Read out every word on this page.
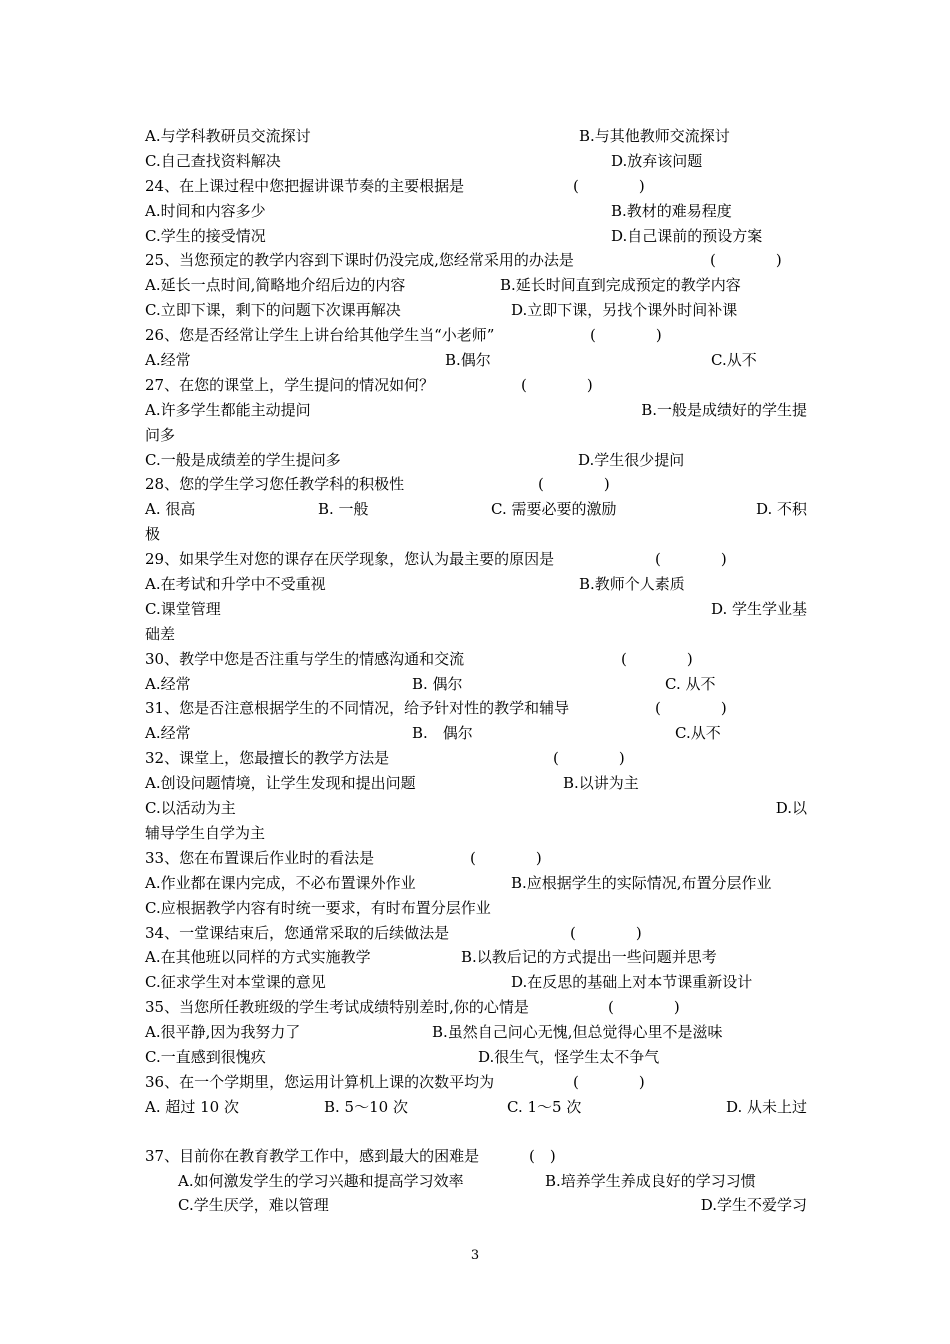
A.与学科教研员交流探讨	B.与其他教师交流探讨
C.自己查找资料解决	D.放弃该问题
24、在上课过程中您把握讲课节奏的主要根据是	(　　　　)
A.时间和内容多少	B.教材的难易程度
C.学生的接受情况	D.自己课前的预设方案
25、当您预定的教学内容到下课时仍没完成,您经常采用的办法是	(　　　　)
A.延长一点时间,简略地介绍后边的内容	B.延长时间直到完成预定的教学内容
C.立即下课，剩下的问题下次课再解决	D.立即下课，另找个课外时间补课
26、您是否经常让学生上讲台给其他学生当“小老师”	(　　　　)
A.经常	B.偶尔	C.从不
27、在您的课堂上，学生提问的情况如何？	(　　　　)
A.许多学生都能主动提问	B.一般是成绩好的学生提
问多
C.一般是成绩差的学生提问多	D.学生很少提问
28、您的学生学习您任教学科的积极性	(　　　　)
A. 很高	B. 一般	C. 需要必要的激励	D. 不积
极
29、如果学生对您的课存在厌学现象，您认为最主要的原因是	(　　　　)
A.在考试和升学中不受重视	B.教师个人素质
C.课堂管理	D. 学生学业基
础差
30、教学中您是否注重与学生的情感沟通和交流	(　　　　)
A.经常	B. 偶尔	C. 从不
31、您是否注意根据学生的不同情况，给予针对性的教学和辅导	(　　　　)
A.经常	B.　偶尔	C.从不
32、课堂上，您最擅长的教学方法是	(　　　　)
A.创设问题情境，让学生发现和提出问题	B.以讲为主
C.以活动为主	D.以
辅导学生自学为主
33、您在布置课后作业时的看法是	(　　　　)
A.作业都在课内完成，不必布置课外作业	B.应根据学生的实际情况,布置分层作业
C.应根据教学内容有时统一要求，有时布置分层作业
34、一堂课结束后，您通常采取的后续做法是	(　　　　)
A.在其他班以同样的方式实施教学	B.以教后记的方式提出一些问题并思考
C.征求学生对本堂课的意见	D.在反思的基础上对本节课重新设计
35、当您所任教班级的学生考试成绩特别差时,你的心情是	(　　　　)
A.很平静,因为我努力了	B.虽然自己问心无愧,但总觉得心里不是滋味
C.一直感到很愧疚	D.很生气，怪学生太不争气
36、在一个学期里，您运用计算机上课的次数平均为	(　　　　)
A. 超过 10 次	B. 5～10 次	C. 1～5 次	D. 从未上过
37、目前你在教育教学工作中，感到最大的困难是	(　)
A.如何激发学生的学习兴趣和提高学习效率	B.培养学生养成良好的学习习惯
C.学生厌学，难以管理	D.学生不爱学习
3
